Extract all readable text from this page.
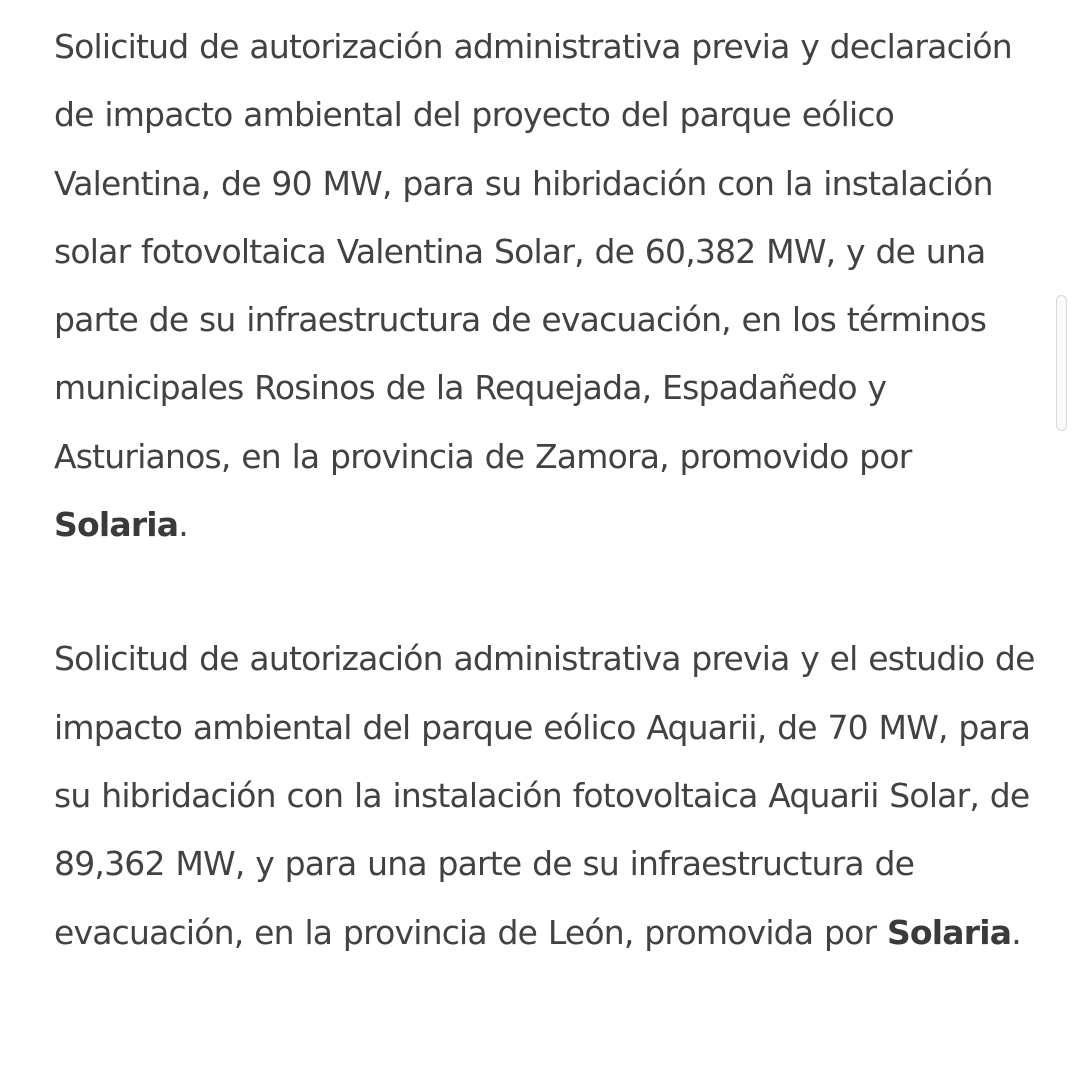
Solicitud de autorización administrativa previa y declaración de impacto ambiental del proyecto del parque eólico Valentina, de 90 MW, para su hibridación con la instalación solar fotovoltaica Valentina Solar, de 60,382 MW, y de una parte de su infraestructura de evacuación, en los términos municipales Rosinos de la Requejada, Espadañedo y Asturianos, en la provincia de Zamora, promovido por Solaria.

Solicitud de autorización administrativa previa y el estudio de impacto ambiental del parque eólico Aquarii, de 70 MW, para su hibridación con la instalación fotovoltaica Aquarii Solar, de 89,362 MW, y para una parte de su infraestructura de evacuación, en la provincia de León, promovida por Solaria.
